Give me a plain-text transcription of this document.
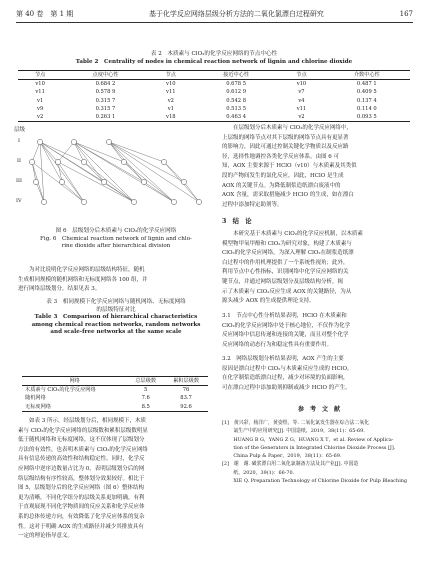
第 40 卷　第 1 期	基于化学反应网络层级分析方法的二氧化氯漂白过程研究	167
表 2　木质素与 ClO₂的化学反应网络的节点中心性
Table 2　Centrality of nodes in chemical reaction network of lignin and chlorine dioxide
节点	点度中心性	节点	接近中心性	节点	介数中心性
v10	0.684 2	v10	0.678 5	v10	0.487 1
v11	0.578 9	v11	0.612 9	v7	0.409 5
v1	0.315 7	v2	0.542 8	v4	0.137 4
v9	0.315 7	v1	0.513 5	v11	0.114 0
v2	0.263 1	v18	0.463 4	v2	0.093 5
层级
I
II
III
IV
图 6　层级划分后木质素与 ClO₂的化学反应网络
Fig. 6　Chemical reaction network of lignin and chlo-
rine dioxide after hierarchical division
　　为对比说明化学反应网络的层级结构特征，随机
生成相同规模的随机网络和无标度网络各 100 组，并
进行网络层级划分，结果见表 3。
表 3　相同规模下化学反应网络与随机网络、无标度网络
的层级特征对比
Table 3　Comparison of hierarchical characteristics
among chemical reaction networks, random networks
and scale-free networks at the same scale
网络	总层级数	累积层级数
木质素与 ClO₂的化学反应网络	5	76
随机网络	7.6	83.7
无标度网络	8.5	92.6
　　如表 3 所示，经层级划分后，相同规模下，木质
素与 ClO₂的化学反应网络的层级数和累积层级数明显
低于随机网络和无标度网络，这不仅体现了层级划分
方法的有效性，也表明木质素与 ClO₂的化学反应网络
具有信息传递的高效性和结构稳定性。同时，化学反
应网络中逆序边数量占比为 0，表明层级划分后的网
络层级结构有序性较高，整体划分效果较好。相比于
图 5，层级划分后的化学反应网络（图 6）整体结构
更为清晰，不同化学组分的层级关系更加明确，有利
于直观展现不同化学物质间的反应关系和化学反应体
系的总体传递方向，有效降低了化学反应体系的复杂
性。这对于明确 AOX 的生成路径并减少其排放具有
一定的理论指导意义。
　　在层级划分后木质素与 ClO₂的化学反应网络中，
上层级的网络节点对其下层级的网络节点具有更显著
的影响力，因此可通过控制关键化学物质以及反应路
径，选择性地调控各类化学反应体系。由图 6 可
知，AOX 主要来源于 HClO（v10）与木质素及其类似
段的产物间发生的氯化反应，因此，HClO 是生成
AOX 的关键节点。为降低制浆造纸漂白废液中的
AOX 含量，需采取措施减少 HClO 的生成，如在漂白
过程中添加特定助剂等。
3　结　论
　　本研究基于木质素与 ClO₂的化学反应机制，以木质素
模型物甲氧甲酚和 ClO₂为研究对象，构建了木质素与
ClO₂的化学反应网络，为深入理解 ClO₂在制浆造纸漂
白过程中的作用机理提供了一个系统性视角；此外，
利用节点中心性指标，识别网络中化学反应网络的关
键节点，并通过网络层级划分及层级结构分析，揭
示了木质素与 ClO₂反应生成 AOX 的关键路径，为从
源头减少 AOX 的生成提供理论支持。
3.1　节点中心性分析结果表明，HClO 在木质素和
ClO₂的化学反应网络中处于核心地位，不仅作为化学
反应网络中信息传递和连接的关键，而且对整个化学
反应网络的动态行为和稳定性具有重要作用。
3.2　网络层级划分析结果表明，AOX 产生的主要
原因是漂白过程中 ClO₂与木质素反应生成的 HClO。
在化学制浆造纸漂白过程，减少对环境的负面影响，
可在漂白过程中添加助剂抑制或减少 HClO 的产生。
参　考　文　献
[1]　黄兴彩，杨洋广，黄姿煜，等. 二氧化氯发生器在综合法二氧化
　　 氯生产中的应用研究[J]. 中国造纸，2019，38(11)：65-69.
　　 HUANG B G，YANG Z G，HUANG X T，et al. Review of Applica-
　　 tion of the Generators in Integrated Chlorine Dioxide Process [J].
　　 China Pulp & Paper，2019，38(11)：65-69.
[2]　谢　谢. 磺浆漂白用二氧化氯制备方法及其产业[J]. 中国造
　　 纸，2020，39(1)：66-70.
　　 XIE Q. Preparation Technology of Chlorine Dioxide for Pulp Bleaching
